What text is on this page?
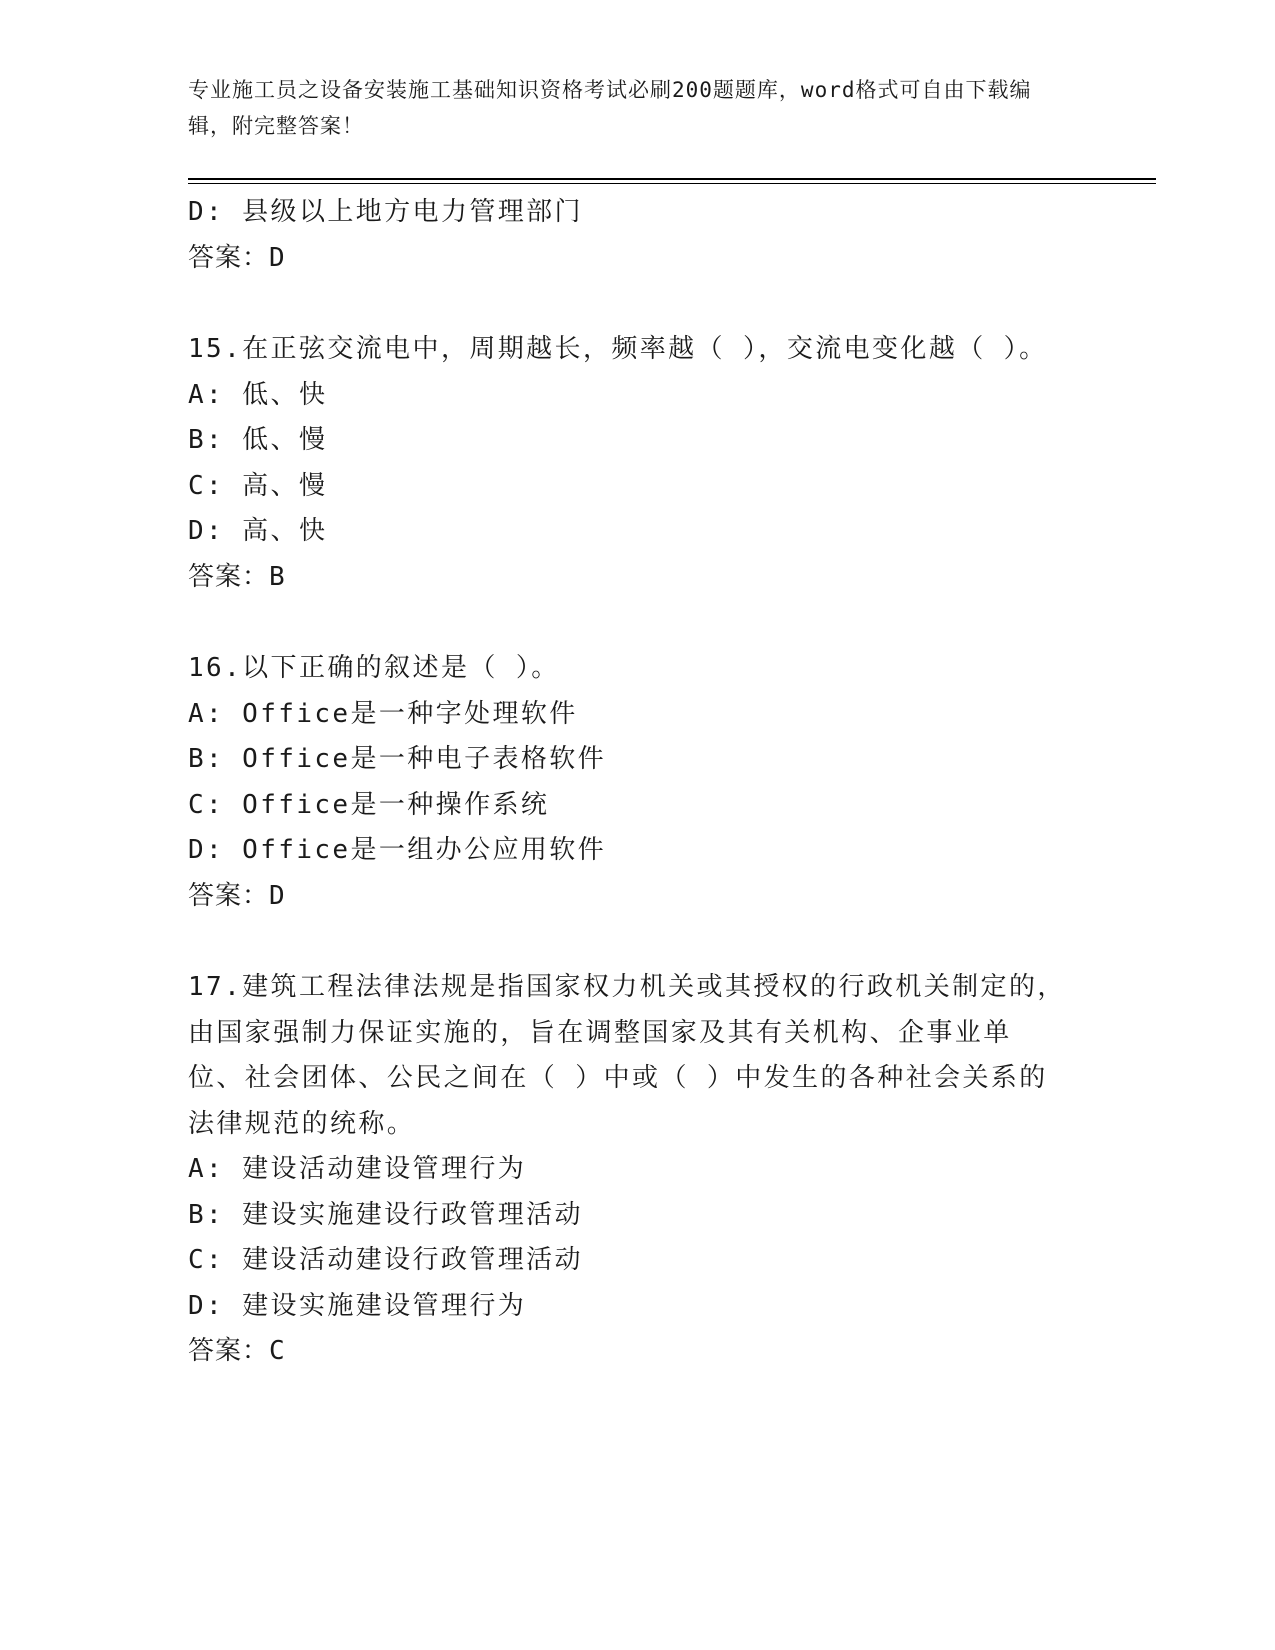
专业施工员之设备安装施工基础知识资格考试必刷200题题库，word格式可自由下载编辑，附完整答案！
D: 县级以上地方电力管理部门
答案：D
15.在正弦交流电中，周期越长，频率越（ ），交流电变化越（ ）。
A: 低、快
B: 低、慢
C: 高、慢
D: 高、快
答案：B
16.以下正确的叙述是（ ）。
A: Office是一种字处理软件
B: Office是一种电子表格软件
C: Office是一种操作系统
D: Office是一组办公应用软件
答案：D
17.建筑工程法律法规是指国家权力机关或其授权的行政机关制定的，由国家强制力保证实施的，旨在调整国家及其有关机构、企事业单位、社会团体、公民之间在（ ）中或（ ）中发生的各种社会关系的法律规范的统称。
A: 建设活动建设管理行为
B: 建设实施建设行政管理活动
C: 建设活动建设行政管理活动
D: 建设实施建设管理行为
答案：C
